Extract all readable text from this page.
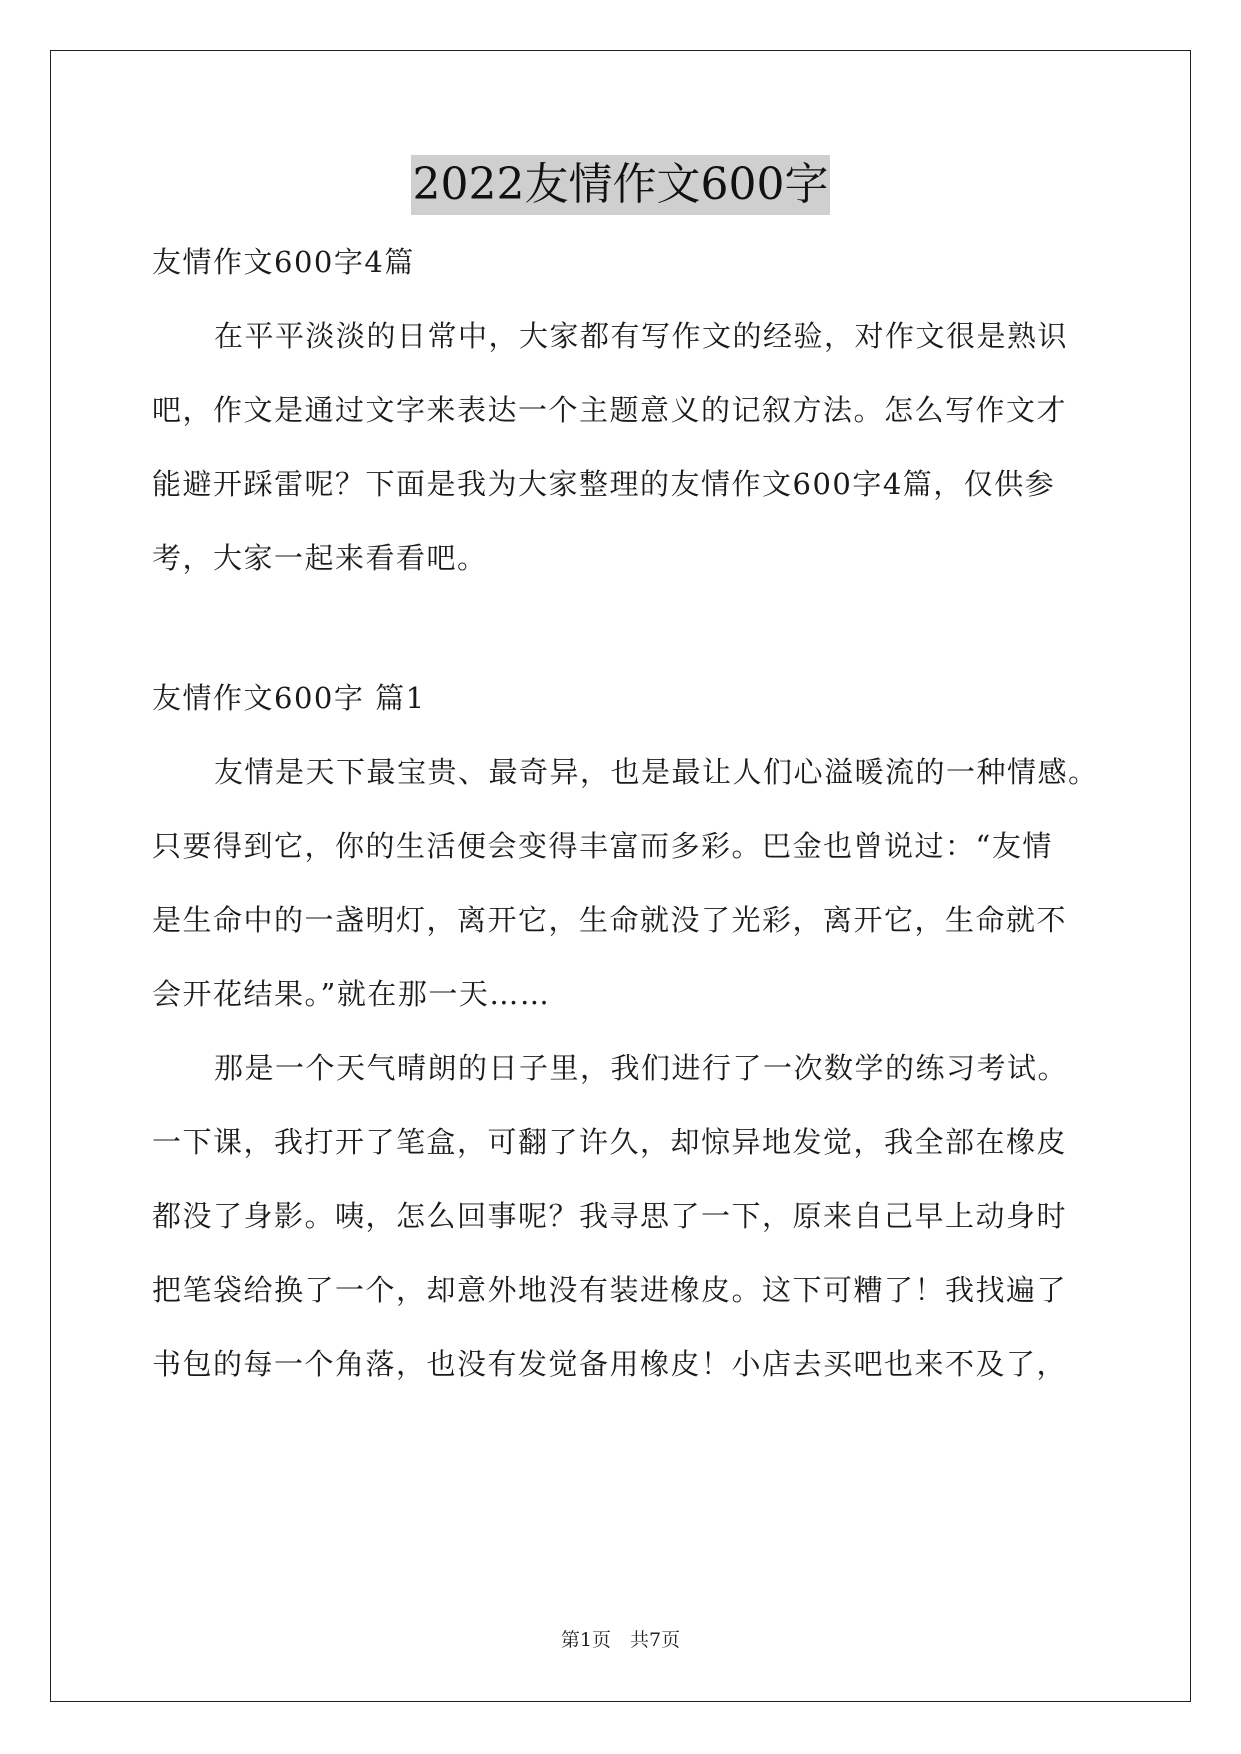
2022友情作文600字
友情作文600字4篇
在平平淡淡的日常中，大家都有写作文的经验，对作文很是熟识
吧，作文是通过文字来表达一个主题意义的记叙方法。怎么写作文才
能避开踩雷呢？下面是我为大家整理的友情作文600字4篇，仅供参
考，大家一起来看看吧。
友情作文600字 篇1
友情是天下最宝贵、最奇异，也是最让人们心溢暖流的一种情感。
只要得到它，你的生活便会变得丰富而多彩。巴金也曾说过：“友情
是生命中的一盏明灯，离开它，生命就没了光彩，离开它，生命就不
会开花结果。”就在那一天……
那是一个天气晴朗的日子里，我们进行了一次数学的练习考试。
一下课，我打开了笔盒，可翻了许久，却惊异地发觉，我全部在橡皮
都没了身影。咦，怎么回事呢？我寻思了一下，原来自己早上动身时
把笔袋给换了一个，却意外地没有装进橡皮。这下可糟了！我找遍了
书包的每一个角落，也没有发觉备用橡皮！小店去买吧也来不及了，
第1页　共7页
